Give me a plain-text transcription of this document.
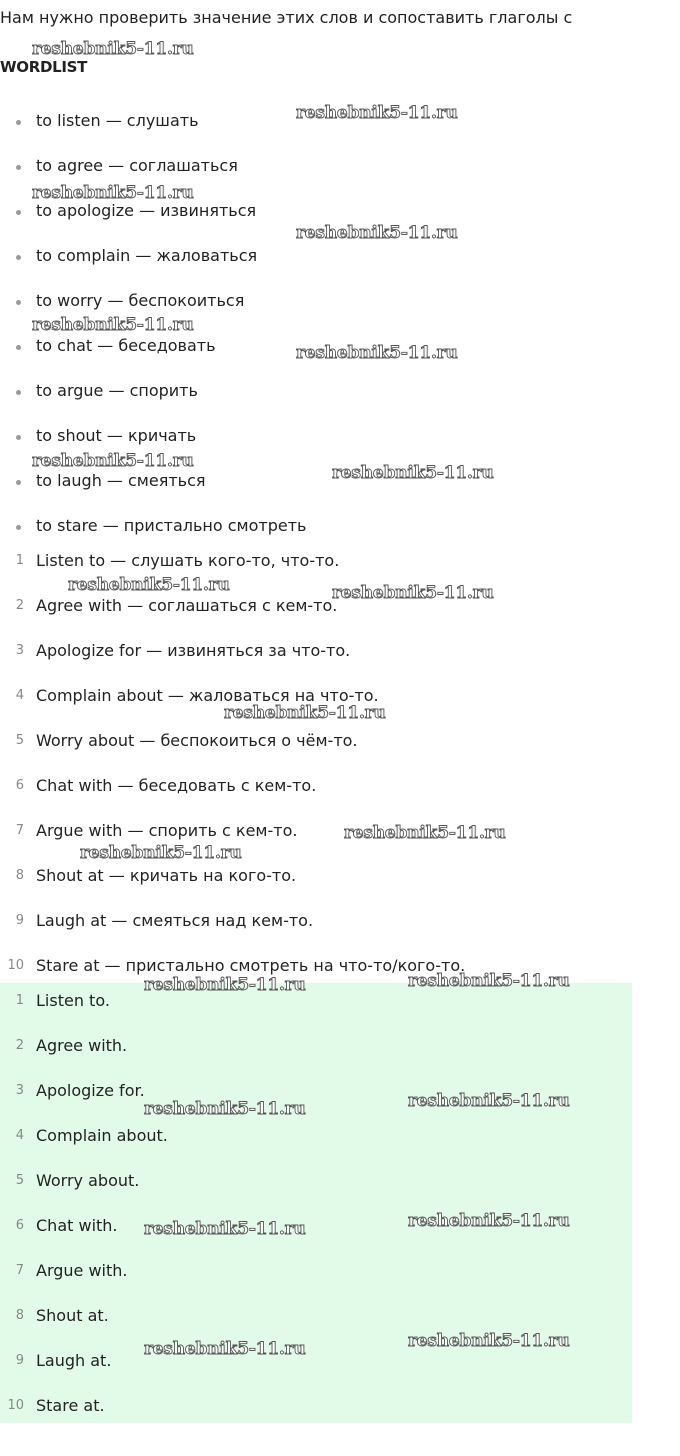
Нам нужно проверить значение этих слов и сопоставить глаголы с
WORDLIST
to listen — слушать
to agree — соглашаться
to apologize — извиняться
to complain — жаловаться
to worry — беспокоиться
to chat — беседовать
to argue — спорить
to shout — кричать
to laugh — смеяться
to stare — пристально смотреть
1 Listen to — слушать кого-то, что-то.
2 Agree with — соглашаться с кем-то.
3 Apologize for — извиняться за что-то.
4 Complain about — жаловаться на что-то.
5 Worry about — беспокоиться о чём-то.
6 Chat with — беседовать с кем-то.
7 Argue with — спорить с кем-то.
8 Shout at — кричать на кого-то.
9 Laugh at — смеяться над кем-то.
10 Stare at — пристально смотреть на что-то/кого-то.
1 Listen to.
2 Agree with.
3 Apologize for.
4 Complain about.
5 Worry about.
6 Chat with.
7 Argue with.
8 Shout at.
9 Laugh at.
10 Stare at.
reshebnik5-11.ru
reshebnik5-11.ru
reshebnik5-11.ru
reshebnik5-11.ru
reshebnik5-11.ru
reshebnik5-11.ru
reshebnik5-11.ru
reshebnik5-11.ru
reshebnik5-11.ru	reshebnik5-11.ru
reshebnik5-11.ru
reshebnik5-11.ru
reshebnik5-11.ru
reshebnik5-11.ru	reshebnik5-11.ru
reshebnik5-11.ru	reshebnik5-11.ru
reshebnik5-11.ru	reshebnik5-11.ru
reshebnik5-11.ru	reshebnik5-11.ru
